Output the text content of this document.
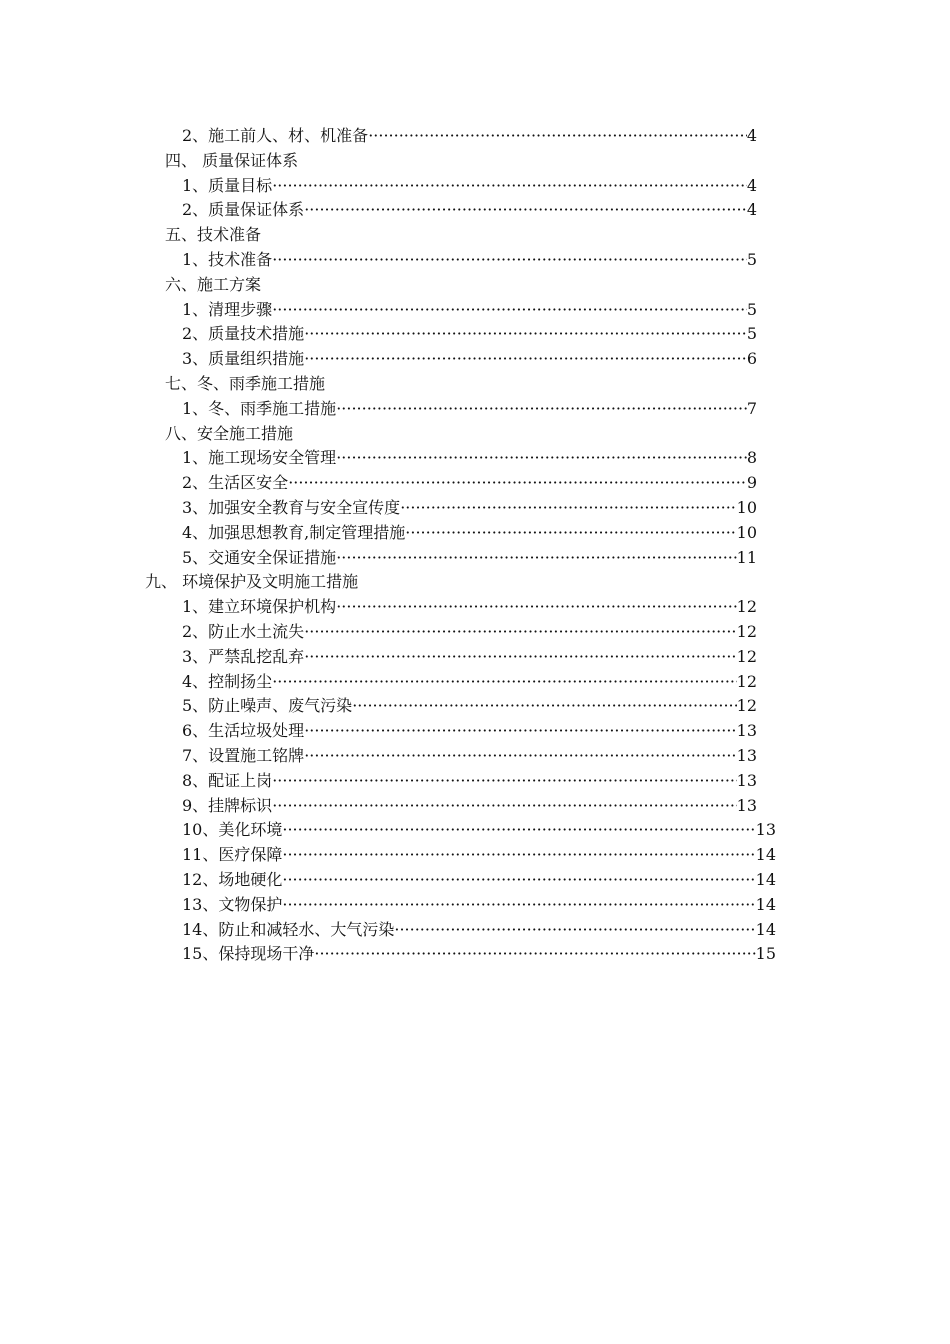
2、施工前人、材、机准备 ·····	4
四、 质量保证体系
1、质量目标 ·····	4
2、质量保证体系 ·····	4
五、技术准备
1、技术准备 ·····	5
六、施工方案
1、清理步骤 ·····	5
2、质量技术措施 ·····	5
3、质量组织措施 ·····	6
七、冬、雨季施工措施
1、冬、雨季施工措施 ·····	7
八、安全施工措施
1、施工现场安全管理 ·····	8
2、生活区安全 ·····	9
3、加强安全教育与安全宣传度 ·····	10
4、加强思想教育,制定管理措施 ·····	10
5、交通安全保证措施 ·····	11
九、 环境保护及文明施工措施
1、建立环境保护机构 ·····	12
2、防止水土流失 ·····	12
3、严禁乱挖乱弃 ·····	12
4、控制扬尘 ·····	12
5、防止噪声、废气污染 ·····	12
6、生活垃圾处理 ·····	13
7、设置施工铭牌 ·····	13
8、配证上岗 ·····	13
9、挂牌标识 ·····	13
10、美化环境 ·····	13
11、医疗保障 ·····	14
12、场地硬化 ·····	14
13、文物保护 ·····	14
14、防止和减轻水、大气污染 ·····	14
15、保持现场干净 ·····	15
